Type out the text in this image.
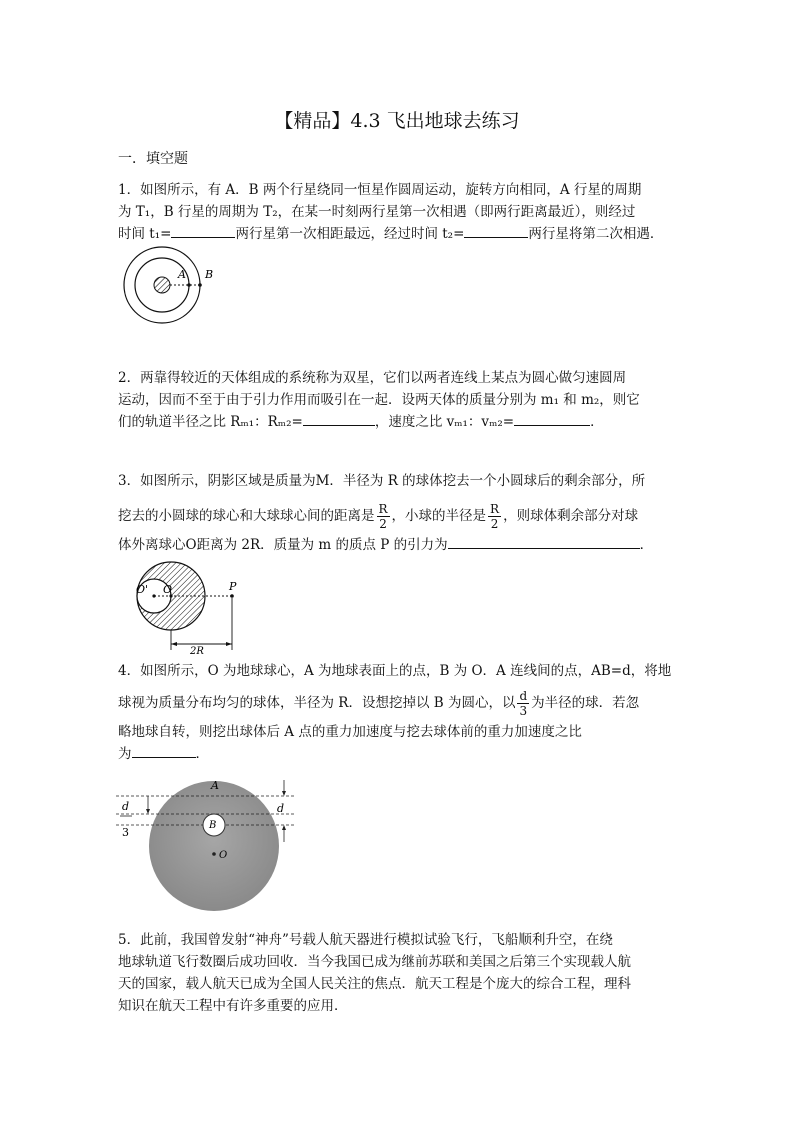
【精品】4.3 飞出地球去练习
一．填空题
1．如图所示，有 A．B 两个行星绕同一恒星作圆周运动，旋转方向相同，A 行星的周期
为 T₁，B 行星的周期为 T₂，在某一时刻两行星第一次相遇（即两行距离最近），则经过
时间 t₁=	两行星第一次相距最远，经过时间 t₂=	两行星将第二次相遇．
A B
2．两靠得较近的天体组成的系统称为双星，它们以两者连线上某点为圆心做匀速圆周
运动，因而不至于由于引力作用而吸引在一起．设两天体的质量分别为 m₁ 和 m₂，则它
们的轨道半径之比 Rₘ₁：Rₘ₂=	，速度之比 vₘ₁：vₘ₂=	．
3．如图所示，阴影区域是质量为M．半径为 R 的球体挖去一个小圆球后的剩余部分，所
挖去的小圆球的球心和大球球心间的距离是 $\frac{R}{2}$ ，小球的半径是 $\frac{R}{2}$ ，则球体剩余部分对球
体外离球心O距离为 2R．质量为 m 的质点 P 的引力为	．
O' O	P
2R
4．如图所示，O 为地球球心，A 为地球表面上的点，B 为 O．A 连线间的点，AB=d，将地
球视为质量分布均匀的球体，半径为 R．设想挖掉以 B 为圆心，以 $\frac{d}{3}$ 为半径的球．若忽
略地球自转，则挖出球体后 A 点的重力加速度与挖去球体前的重力加速度之比
为	．
A
B
O
d
3
d
5．此前，我国曾发射“神舟”号载人航天器进行模拟试验飞行，飞船顺利升空，在绕
地球轨道飞行数圈后成功回收．当今我国已成为继前苏联和美国之后第三个实现载人航
天的国家，载人航天已成为全国人民关注的焦点．航天工程是个庞大的综合工程，理科
知识在航天工程中有许多重要的应用．
